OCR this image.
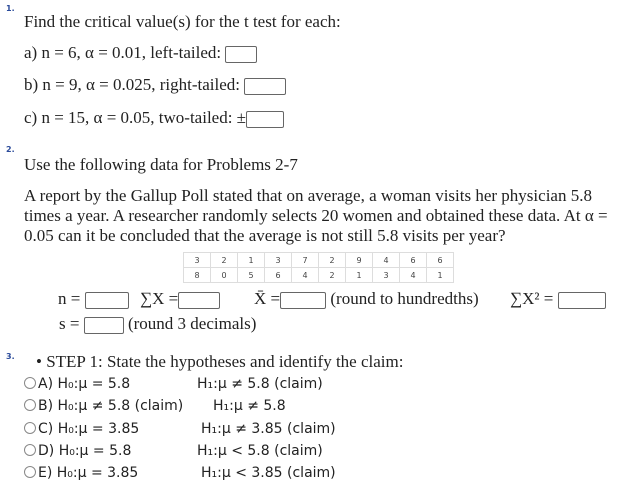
1.
Find the critical value(s) for the t test for each:
a) n = 6, α = 0.01, left-tailed:
b) n = 9, α = 0.025, right-tailed:
c) n = 15, α = 0.05, two-tailed: ±
2.
Use the following data for Problems 2-7
A report by the Gallup Poll stated that on average, a woman visits her physician 5.8
times a year. A researcher randomly selects 20 women and obtained these data. At α =
0.05 can it be concluded that the average is not still 5.8 visits per year?
3	2	1	3	7	2	9	4	6	6
8	0	5	6	4	2	1	3	4	1
n =	∑X =	X̄ =	(round to hundredths) ∑X² =
s =	(round 3 decimals)
3. • STEP 1: State the hypotheses and identify the claim:
A) H₀:μ = 5.8	H₁:μ ≠ 5.8 (claim)
B) H₀:μ ≠ 5.8 (claim) H₁:μ ≠ 5.8
C) H₀:μ = 3.85	H₁:μ ≠ 3.85 (claim)
D) H₀:μ = 5.8	H₁:μ < 5.8 (claim)
E) H₀:μ = 3.85	H₁:μ < 3.85 (claim)
